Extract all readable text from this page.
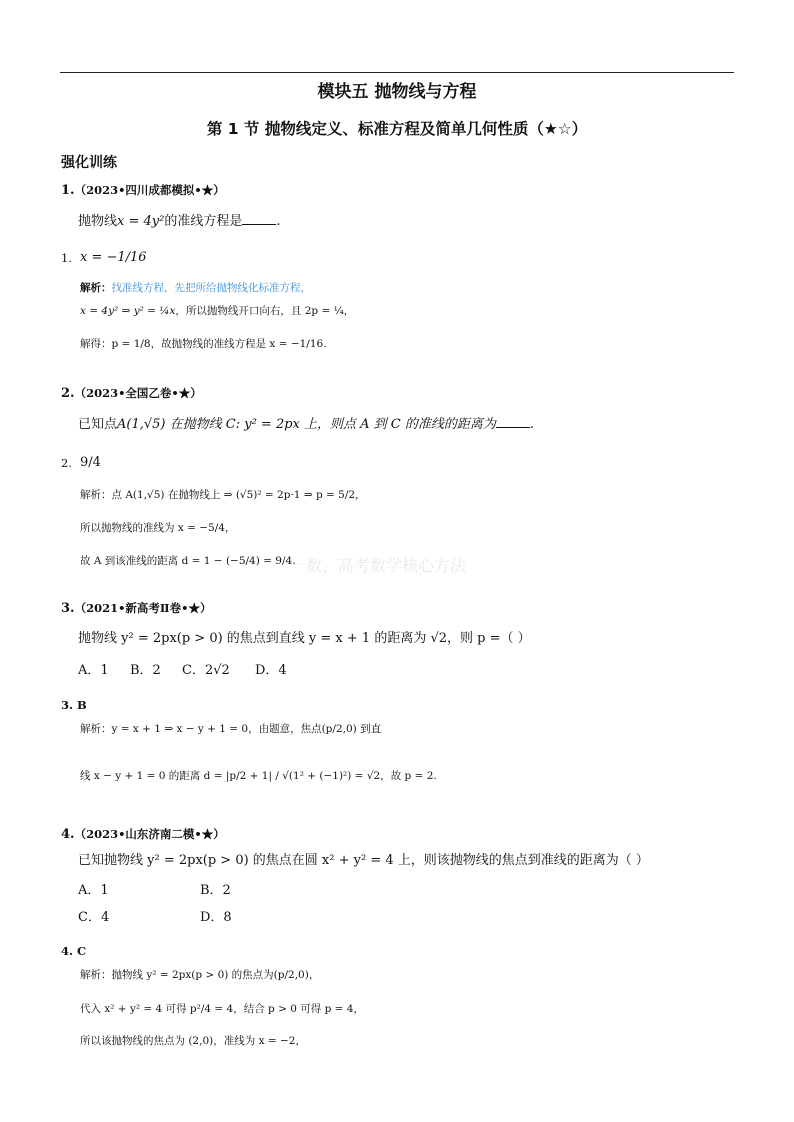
模块五 抛物线与方程
第 1 节 抛物线定义、标准方程及简单几何性质（★☆）
强化训练
1.（2023•四川成都模拟•★）
抛物线x = 4y²的准线方程是	.
1. x = −1/16
解析：找准线方程，先把所给抛物线化标准方程，
x = 4y² ⇒ y² = ¼x，所以抛物线开口向右，且 2p = ¼，
解得：p = 1/8，故抛物线的准线方程是 x = −1/16.
2.（2023•全国乙卷•★）
已知点A(1,√5) 在抛物线 C: y² = 2px 上，则点 A 到 C 的准线的距离为	.
2. 9/4
解析：点 A(1,√5) 在抛物线上 ⇒ (√5)² = 2p·1 ⇒ p = 5/2，
所以抛物线的准线为 x = −5/4，
故 A 到该准线的距离 d = 1 − (−5/4) = 9/4.
一数，高考数学核心方法
3.（2021•新高考Ⅱ卷•★）
抛物线 y² = 2px(p > 0) 的焦点到直线 y = x + 1 的距离为 √2，则 p =（ ）
A．1 B．2 C．2√2 D．4
3. B
解析：y = x + 1 ⇒ x − y + 1 = 0，由题意，焦点(p/2,0) 到直
线 x − y + 1 = 0 的距离 d = |p/2 + 1| / √(1² + (−1)²) = √2，故 p = 2.
4.（2023•山东济南二模•★）
已知抛物线 y² = 2px(p > 0) 的焦点在圆 x² + y² = 4 上，则该抛物线的焦点到准线的距离为（ ）
A．1	B．2
C．4	D．8
4. C
解析：抛物线 y² = 2px(p > 0) 的焦点为(p/2,0)，
代入 x² + y² = 4 可得 p²/4 = 4，结合 p > 0 可得 p = 4，
所以该抛物线的焦点为 (2,0)，准线为 x = −2，
